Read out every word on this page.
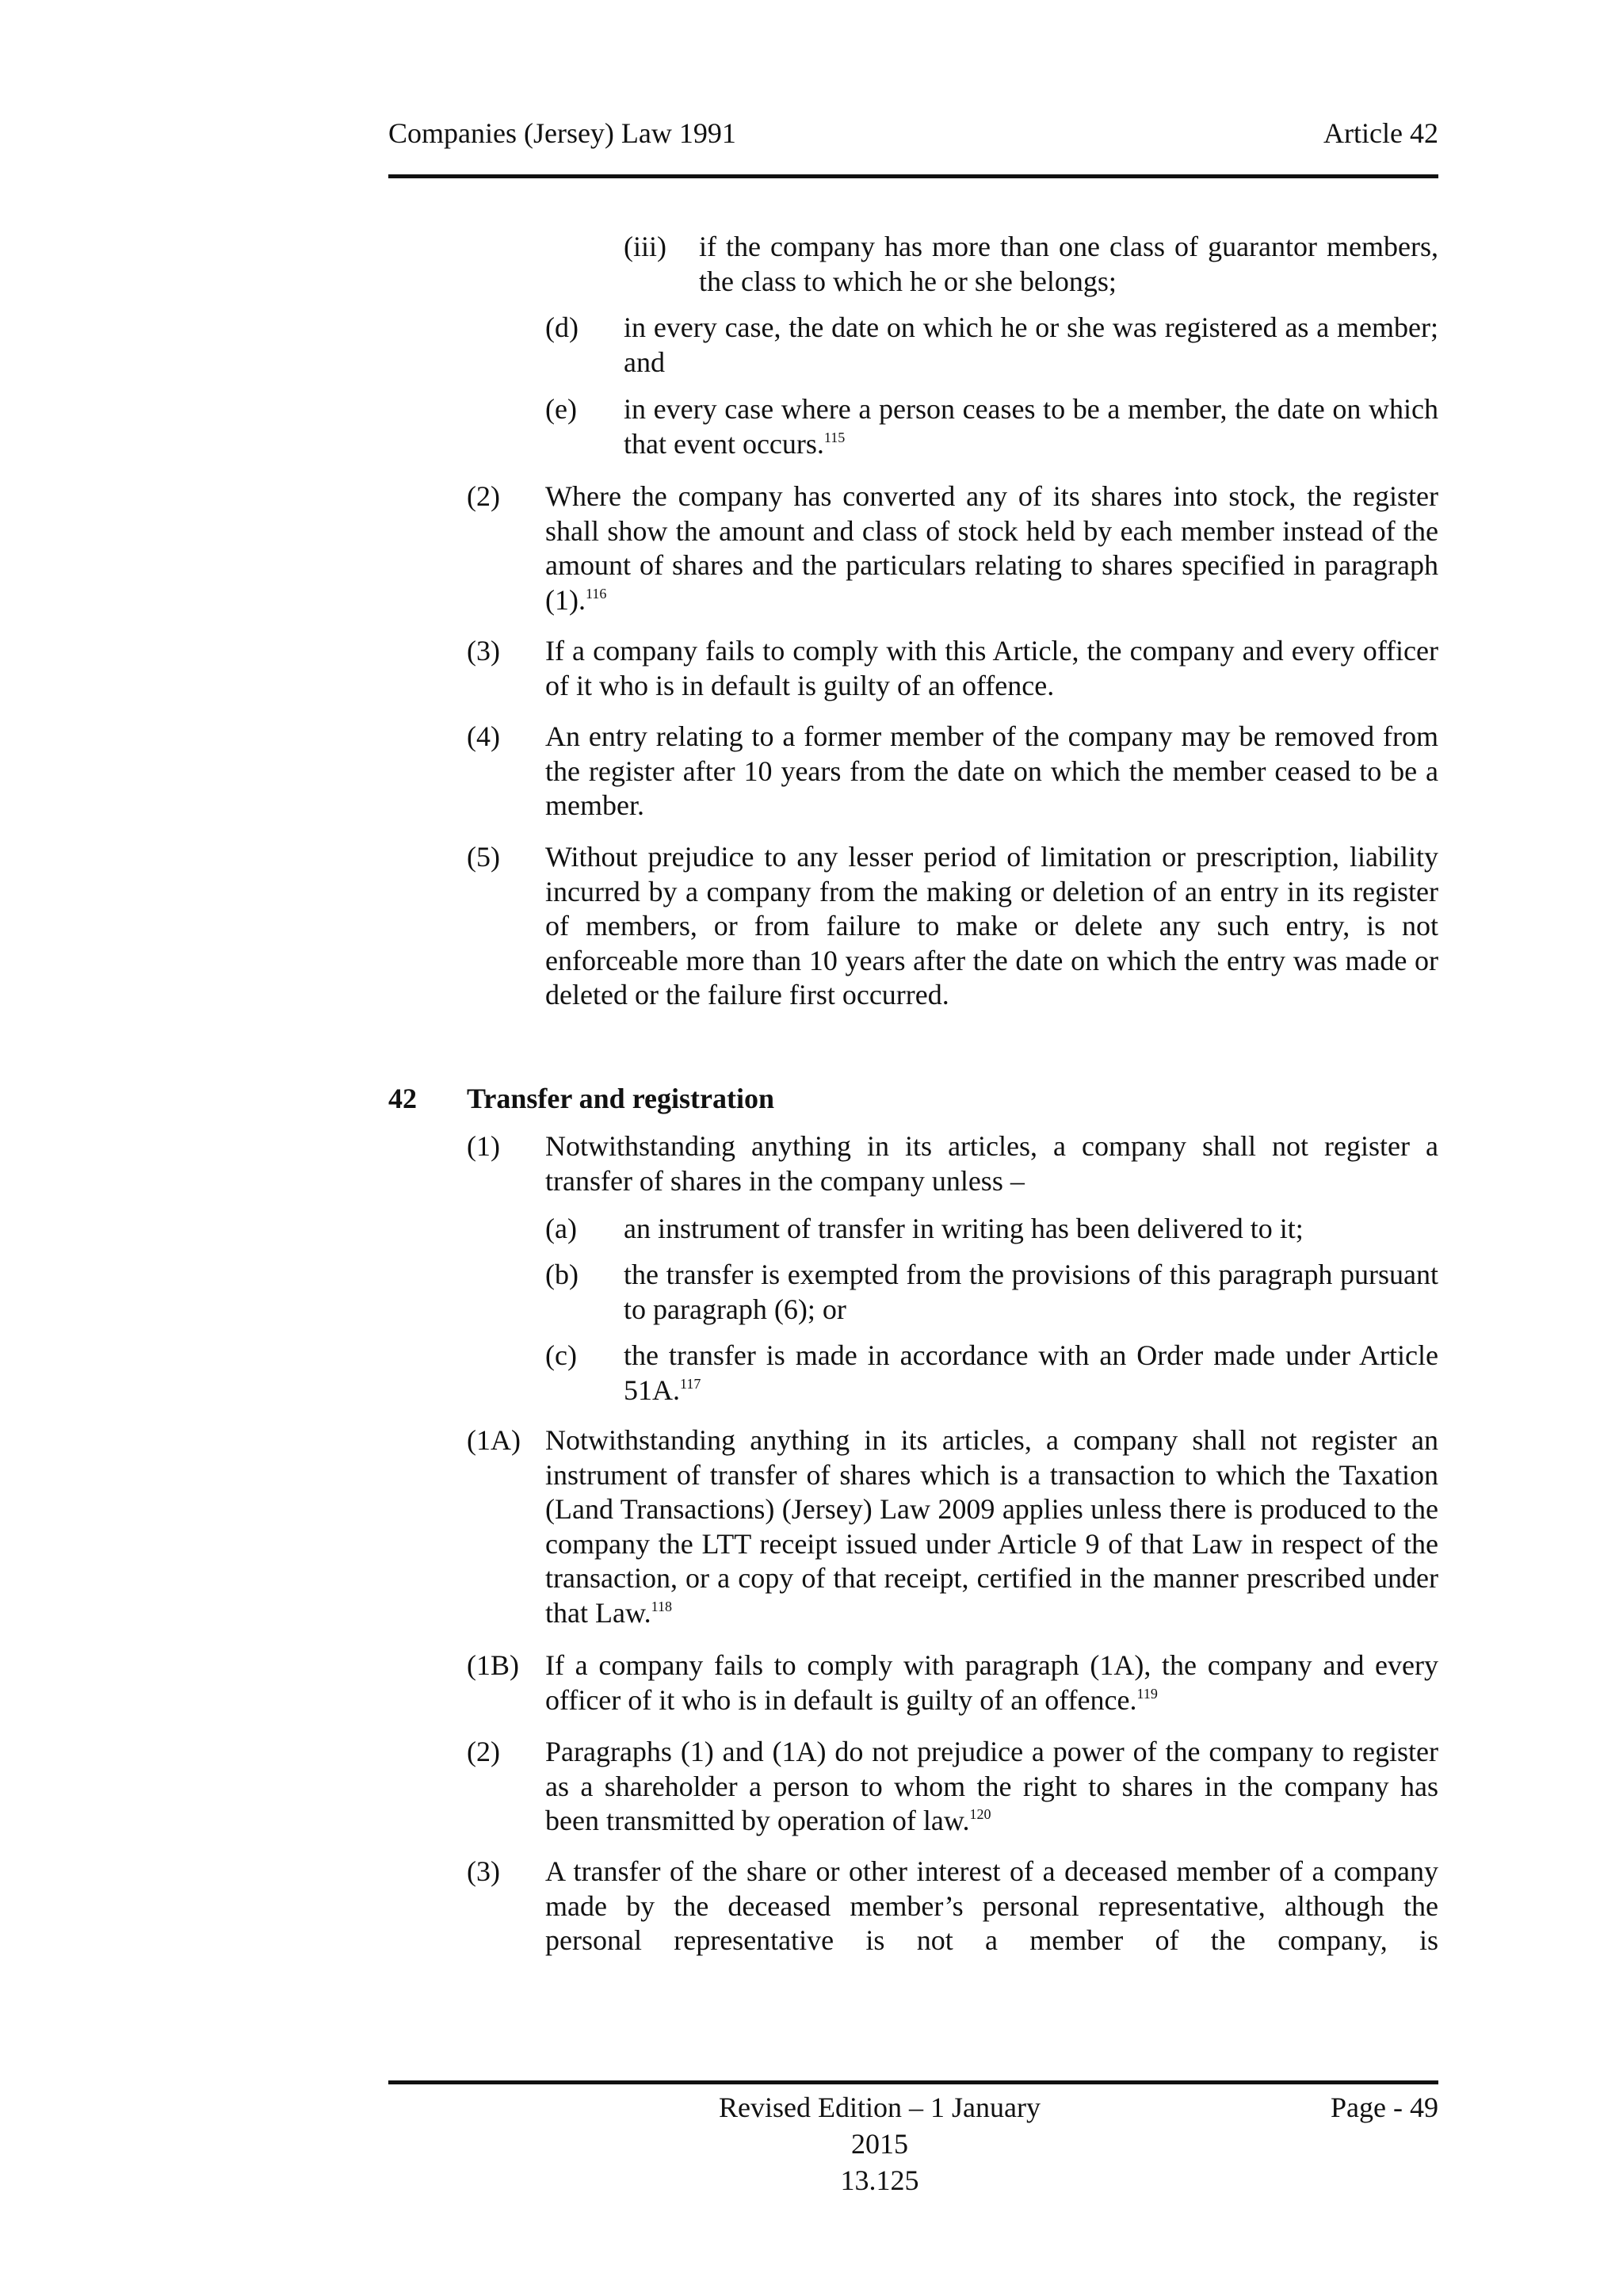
Companies (Jersey) Law 1991	Article 42
(iii) if the company has more than one class of guarantor members, the class to which he or she belongs;
(d) in every case, the date on which he or she was registered as a member; and
(e) in every case where a person ceases to be a member, the date on which that event occurs.$^{115}$
(2) Where the company has converted any of its shares into stock, the register shall show the amount and class of stock held by each member instead of the amount of shares and the particulars relating to shares specified in paragraph (1).$^{116}$
(3) If a company fails to comply with this Article, the company and every officer of it who is in default is guilty of an offence.
(4) An entry relating to a former member of the company may be removed from the register after 10 years from the date on which the member ceased to be a member.
(5) Without prejudice to any lesser period of limitation or prescription, liability incurred by a company from the making or deletion of an entry in its register of members, or from failure to make or delete any such entry, is not enforceable more than 10 years after the date on which the entry was made or deleted or the failure first occurred.
42 Transfer and registration
(1) Notwithstanding anything in its articles, a company shall not register a transfer of shares in the company unless –
(a) an instrument of transfer in writing has been delivered to it;
(b) the transfer is exempted from the provisions of this paragraph pursuant to paragraph (6); or
(c) the transfer is made in accordance with an Order made under Article 51A.$^{117}$
(1A) Notwithstanding anything in its articles, a company shall not register an instrument of transfer of shares which is a transaction to which the Taxation (Land Transactions) (Jersey) Law 2009 applies unless there is produced to the company the LTT receipt issued under Article 9 of that Law in respect of the transaction, or a copy of that receipt, certified in the manner prescribed under that Law.$^{118}$
(1B) If a company fails to comply with paragraph (1A), the company and every officer of it who is in default is guilty of an offence.$^{119}$
(2) Paragraphs (1) and (1A) do not prejudice a power of the company to register as a shareholder a person to whom the right to shares in the company has been transmitted by operation of law.$^{120}$
(3) A transfer of the share or other interest of a deceased member of a company made by the deceased member’s personal representative, although the personal representative is not a member of the company, is
Revised Edition – 1 January 2015
13.125
Page - 49
